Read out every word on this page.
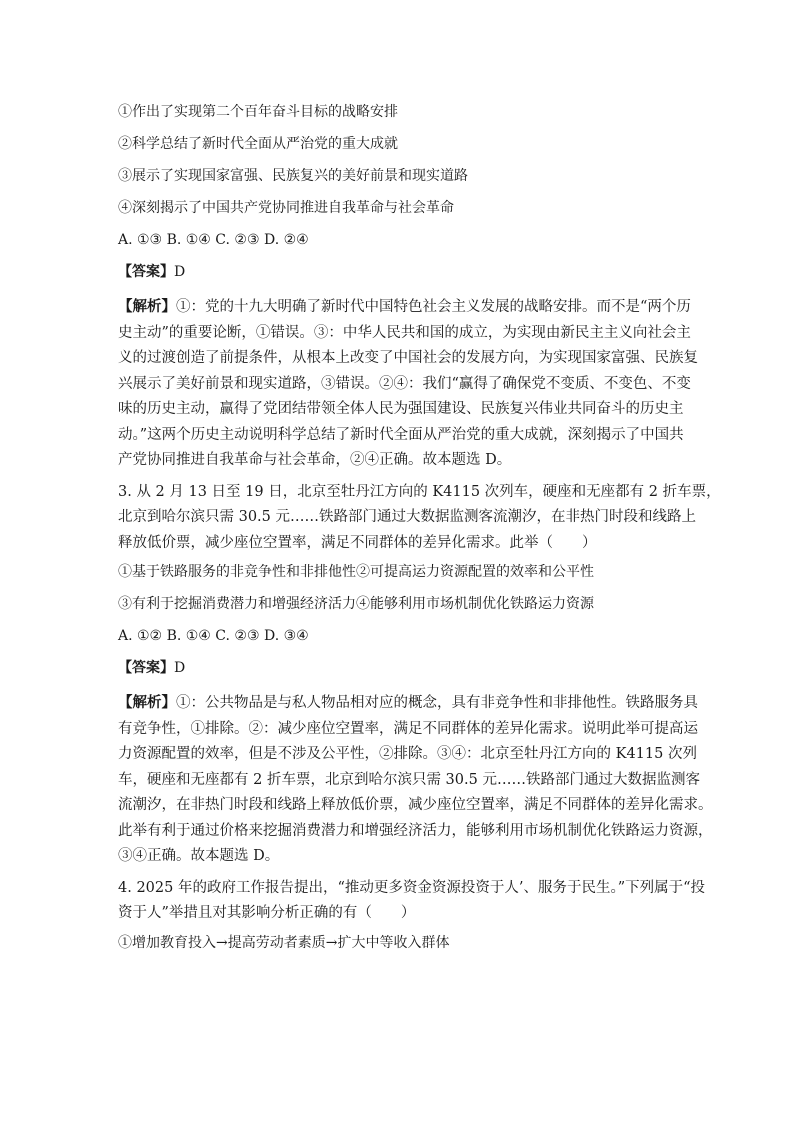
①作出了实现第二个百年奋斗目标的战略安排
②科学总结了新时代全面从严治党的重大成就
③展示了实现国家富强、民族复兴的美好前景和现实道路
④深刻揭示了中国共产党协同推进自我革命与社会革命
A. ①③ B. ①④ C. ②③ D. ②④
【答案】D
【解析】①：党的十九大明确了新时代中国特色社会主义发展的战略安排。而不是“两个历
史主动”的重要论断，①错误。③：中华人民共和国的成立，为实现由新民主主义向社会主
义的过渡创造了前提条件，从根本上改变了中国社会的发展方向，为实现国家富强、民族复
兴展示了美好前景和现实道路，③错误。②④：我们“赢得了确保党不变质、不变色、不变
味的历史主动，赢得了党团结带领全体人民为强国建设、民族复兴伟业共同奋斗的历史主
动。”这两个历史主动说明科学总结了新时代全面从严治党的重大成就，深刻揭示了中国共
产党协同推进自我革命与社会革命，②④正确。故本题选 D。
3. 从 2 月 13 日至 19 日，北京至牡丹江方向的 K4115 次列车，硬座和无座都有 2 折车票，
北京到哈尔滨只需 30.5 元……铁路部门通过大数据监测客流潮汐，在非热门时段和线路上
释放低价票，减少座位空置率，满足不同群体的差异化需求。此举（　　）
①基于铁路服务的非竞争性和非排他性②可提高运力资源配置的效率和公平性
③有利于挖掘消费潜力和增强经济活力④能够利用市场机制优化铁路运力资源
A. ①② B. ①④ C. ②③ D. ③④
【答案】D
【解析】①：公共物品是与私人物品相对应的概念，具有非竞争性和非排他性。铁路服务具
有竞争性，①排除。②：减少座位空置率，满足不同群体的差异化需求。说明此举可提高运
力资源配置的效率，但是不涉及公平性，②排除。③④：北京至牡丹江方向的 K4115 次列
车，硬座和无座都有 2 折车票，北京到哈尔滨只需 30.5 元……铁路部门通过大数据监测客
流潮汐，在非热门时段和线路上释放低价票，减少座位空置率，满足不同群体的差异化需求。
此举有利于通过价格来挖掘消费潜力和增强经济活力，能够利用市场机制优化铁路运力资源，
③④正确。故本题选 D。
4. 2025 年的政府工作报告提出，“推动更多资金资源投资于人’、服务于民生。”下列属于“投
资于人”举措且对其影响分析正确的有（　　）
①增加教育投入→提高劳动者素质→扩大中等收入群体
